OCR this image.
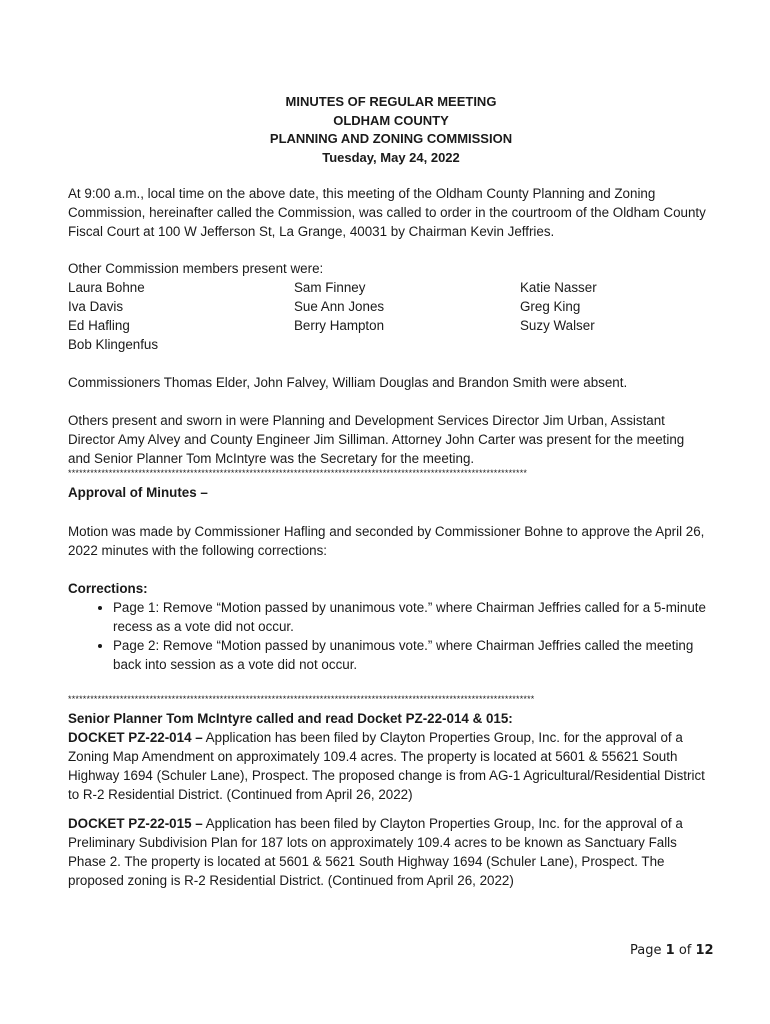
MINUTES OF REGULAR MEETING
OLDHAM COUNTY
PLANNING AND ZONING COMMISSION
Tuesday, May 24, 2022

At 9:00 a.m., local time on the above date, this meeting of the Oldham County Planning and Zoning Commission, hereinafter called the Commission, was called to order in the courtroom of the Oldham County Fiscal Court at 100 W Jefferson St, La Grange, 40031 by Chairman Kevin Jeffries.

Other Commission members present were:

Laura Bohne	Sam Finney	Katie Nasser
Iva Davis	Sue Ann Jones	Greg King
Ed Hafling	Berry Hampton	Suzy Walser
Bob Klingenfus

Commissioners Thomas Elder, John Falvey, William Douglas and Brandon Smith were absent.

Others present and sworn in were Planning and Development Services Director Jim Urban, Assistant Director Amy Alvey and County Engineer Jim Silliman. Attorney John Carter was present for the meeting and Senior Planner Tom McIntyre was the Secretary for the meeting.

****************************************************************************************************************************

Approval of Minutes –

Motion was made by Commissioner Hafling and seconded by Commissioner Bohne to approve the April 26, 2022 minutes with the following corrections:

Corrections:

• Page 1: Remove “Motion passed by unanimous vote.” where Chairman Jeffries called for a 5-minute recess as a vote did not occur.
• Page 2: Remove “Motion passed by unanimous vote.” where Chairman Jeffries called the meeting back into session as a vote did not occur.
******************************************************************************************************************************

Senior Planner Tom McIntyre called and read Docket PZ-22-014 & 015:

DOCKET PZ-22-014 – Application has been filed by Clayton Properties Group, Inc. for the approval of a Zoning Map Amendment on approximately 109.4 acres. The property is located at 5601 & 55621 South Highway 1694 (Schuler Lane), Prospect. The proposed change is from AG-1 Agricultural/Residential District to R-2 Residential District. (Continued from April 26, 2022)

DOCKET PZ-22-015 – Application has been filed by Clayton Properties Group, Inc. for the approval of a Preliminary Subdivision Plan for 187 lots on approximately 109.4 acres to be known as Sanctuary Falls Phase 2. The property is located at 5601 & 5621 South Highway 1694 (Schuler Lane), Prospect. The proposed zoning is R-2 Residential District. (Continued from April 26, 2022)

Page 1 of 12
